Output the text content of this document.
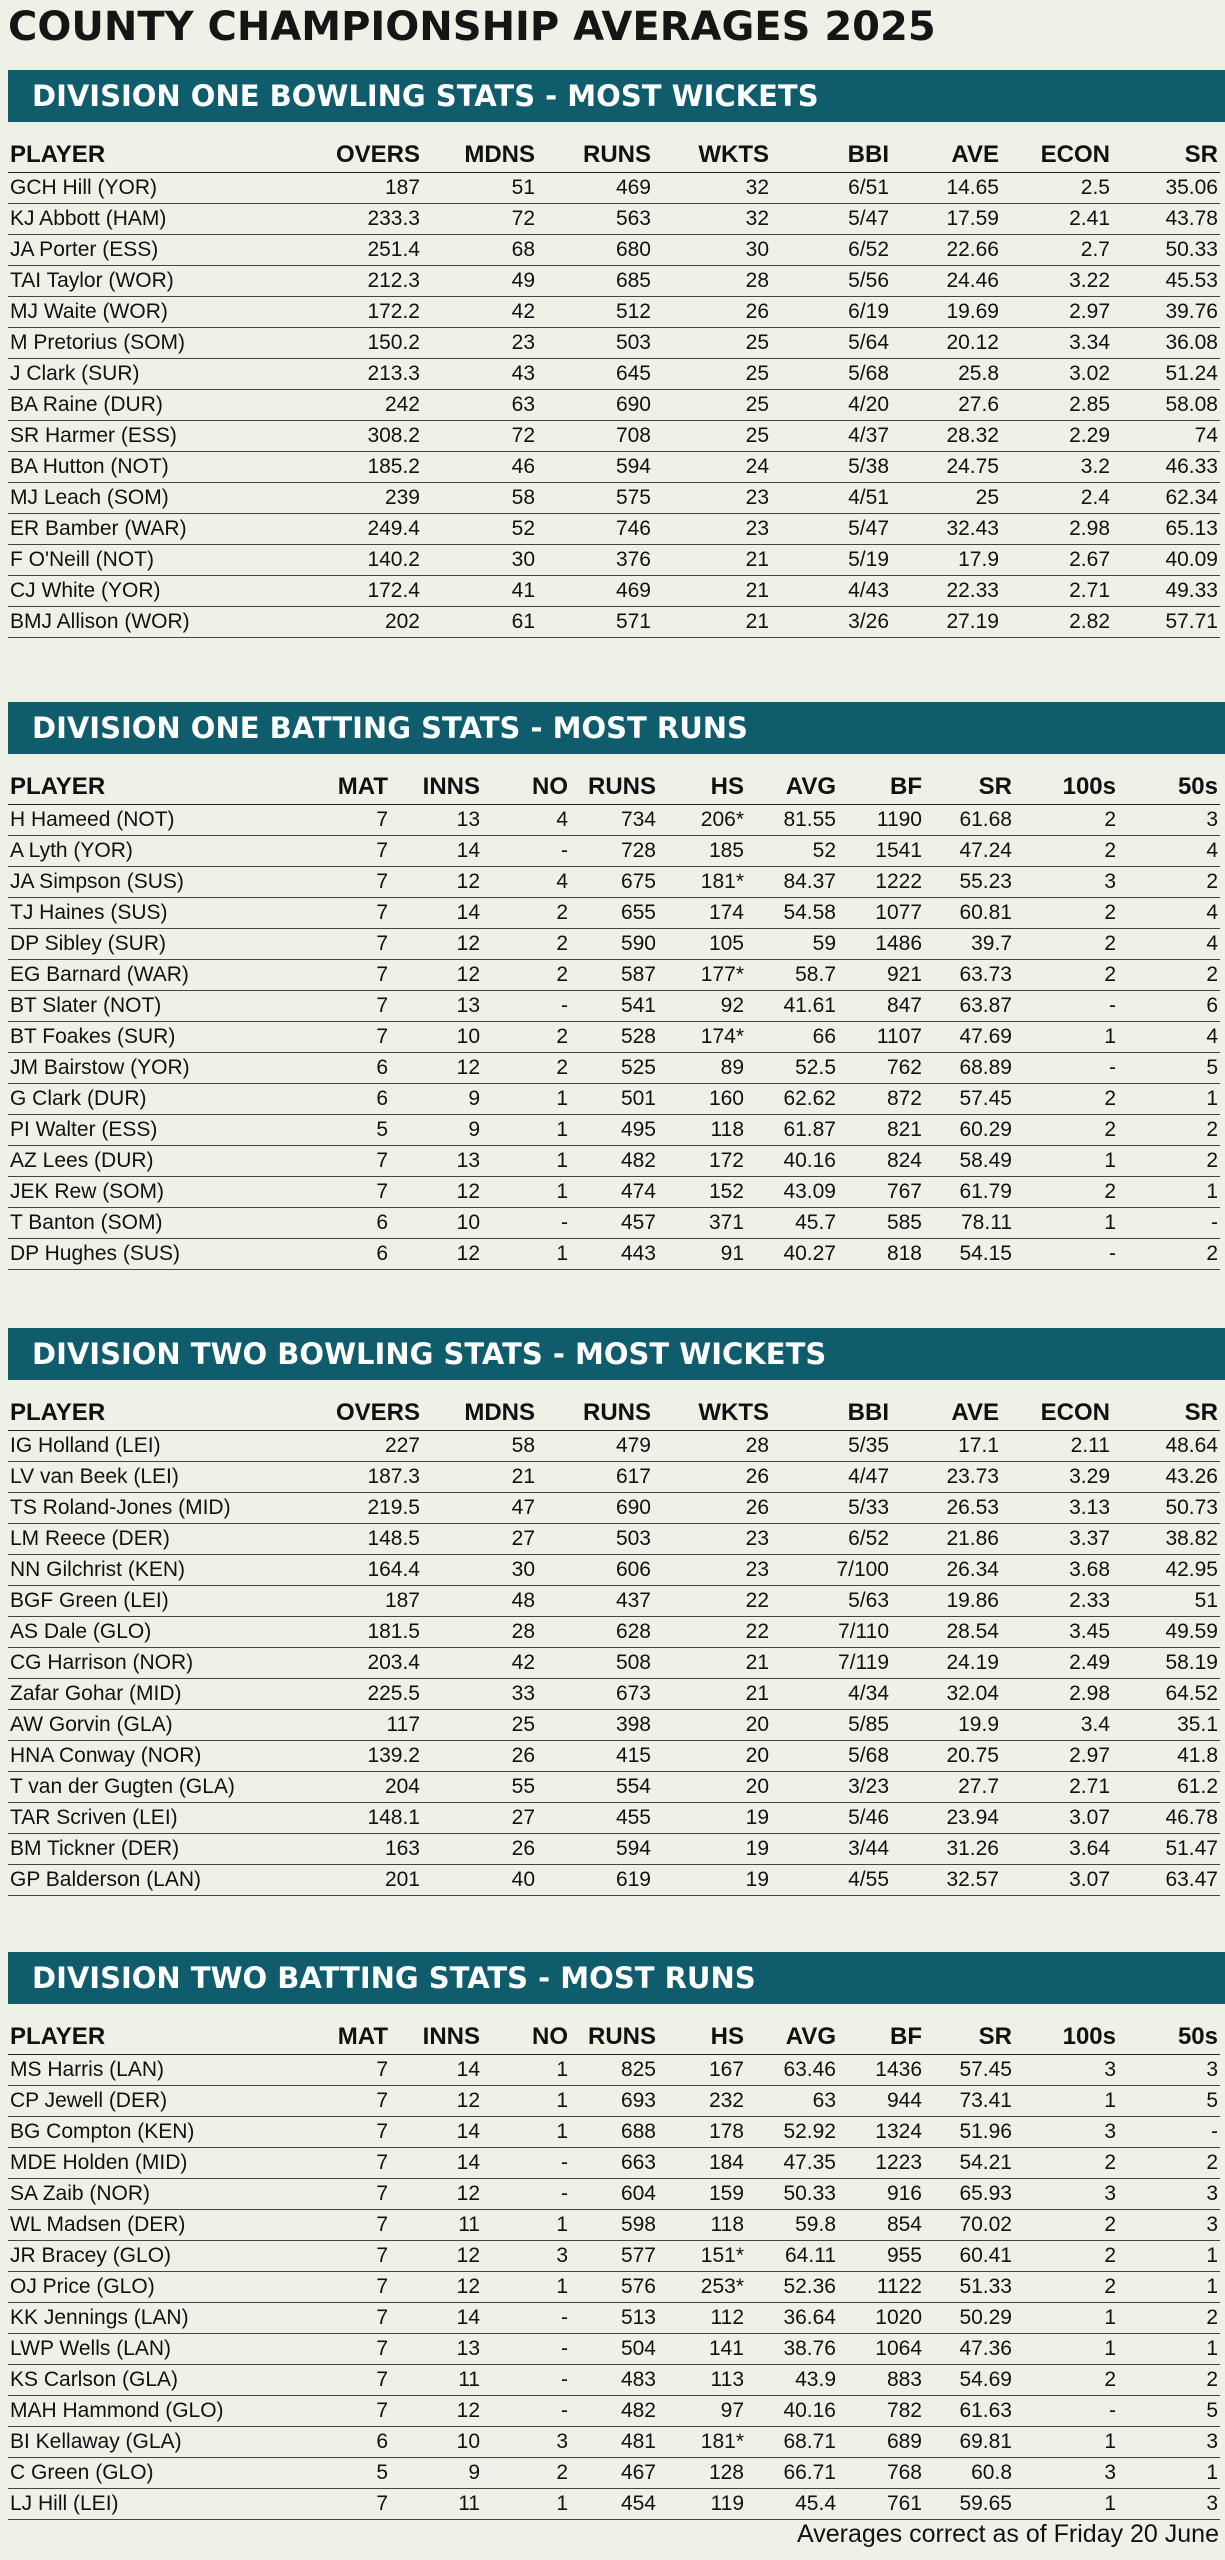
COUNTY CHAMPIONSHIP AVERAGES 2025
DIVISION ONE BOWLING STATS - MOST WICKETS
PLAYER	OVERS	MDNS	RUNS	WKTS	BBI	AVE	ECON	SR
GCH Hill (YOR)	187	51	469	32	6/51	14.65	2.5	35.06
KJ Abbott (HAM)	233.3	72	563	32	5/47	17.59	2.41	43.78
JA Porter (ESS)	251.4	68	680	30	6/52	22.66	2.7	50.33
TAI Taylor (WOR)	212.3	49	685	28	5/56	24.46	3.22	45.53
MJ Waite (WOR)	172.2	42	512	26	6/19	19.69	2.97	39.76
M Pretorius (SOM)	150.2	23	503	25	5/64	20.12	3.34	36.08
J Clark (SUR)	213.3	43	645	25	5/68	25.8	3.02	51.24
BA Raine (DUR)	242	63	690	25	4/20	27.6	2.85	58.08
SR Harmer (ESS)	308.2	72	708	25	4/37	28.32	2.29	74
BA Hutton (NOT)	185.2	46	594	24	5/38	24.75	3.2	46.33
MJ Leach (SOM)	239	58	575	23	4/51	25	2.4	62.34
ER Bamber (WAR)	249.4	52	746	23	5/47	32.43	2.98	65.13
F O'Neill (NOT)	140.2	30	376	21	5/19	17.9	2.67	40.09
CJ White (YOR)	172.4	41	469	21	4/43	22.33	2.71	49.33
BMJ Allison (WOR)	202	61	571	21	3/26	27.19	2.82	57.71
DIVISION ONE BATTING STATS - MOST RUNS
PLAYER	MAT	INNS	NO	RUNS	HS	AVG	BF	SR	100s	50s
H Hameed (NOT)	7	13	4	734	206*	81.55	1190	61.68	2	3
A Lyth (YOR)	7	14	-	728	185	52	1541	47.24	2	4
JA Simpson (SUS)	7	12	4	675	181*	84.37	1222	55.23	3	2
TJ Haines (SUS)	7	14	2	655	174	54.58	1077	60.81	2	4
DP Sibley (SUR)	7	12	2	590	105	59	1486	39.7	2	4
EG Barnard (WAR)	7	12	2	587	177*	58.7	921	63.73	2	2
BT Slater (NOT)	7	13	-	541	92	41.61	847	63.87	-	6
BT Foakes (SUR)	7	10	2	528	174*	66	1107	47.69	1	4
JM Bairstow (YOR)	6	12	2	525	89	52.5	762	68.89	-	5
G Clark (DUR)	6	9	1	501	160	62.62	872	57.45	2	1
PI Walter (ESS)	5	9	1	495	118	61.87	821	60.29	2	2
AZ Lees (DUR)	7	13	1	482	172	40.16	824	58.49	1	2
JEK Rew (SOM)	7	12	1	474	152	43.09	767	61.79	2	1
T Banton (SOM)	6	10	-	457	371	45.7	585	78.11	1	-
DP Hughes (SUS)	6	12	1	443	91	40.27	818	54.15	-	2
DIVISION TWO BOWLING STATS - MOST WICKETS
PLAYER	OVERS	MDNS	RUNS	WKTS	BBI	AVE	ECON	SR
IG Holland (LEI)	227	58	479	28	5/35	17.1	2.11	48.64
LV van Beek (LEI)	187.3	21	617	26	4/47	23.73	3.29	43.26
TS Roland-Jones (MID)	219.5	47	690	26	5/33	26.53	3.13	50.73
LM Reece (DER)	148.5	27	503	23	6/52	21.86	3.37	38.82
NN Gilchrist (KEN)	164.4	30	606	23	7/100	26.34	3.68	42.95
BGF Green (LEI)	187	48	437	22	5/63	19.86	2.33	51
AS Dale (GLO)	181.5	28	628	22	7/110	28.54	3.45	49.59
CG Harrison (NOR)	203.4	42	508	21	7/119	24.19	2.49	58.19
Zafar Gohar (MID)	225.5	33	673	21	4/34	32.04	2.98	64.52
AW Gorvin (GLA)	117	25	398	20	5/85	19.9	3.4	35.1
HNA Conway (NOR)	139.2	26	415	20	5/68	20.75	2.97	41.8
T van der Gugten (GLA)	204	55	554	20	3/23	27.7	2.71	61.2
TAR Scriven (LEI)	148.1	27	455	19	5/46	23.94	3.07	46.78
BM Tickner (DER)	163	26	594	19	3/44	31.26	3.64	51.47
GP Balderson (LAN)	201	40	619	19	4/55	32.57	3.07	63.47
DIVISION TWO BATTING STATS - MOST RUNS
PLAYER	MAT	INNS	NO	RUNS	HS	AVG	BF	SR	100s	50s
MS Harris (LAN)	7	14	1	825	167	63.46	1436	57.45	3	3
CP Jewell (DER)	7	12	1	693	232	63	944	73.41	1	5
BG Compton (KEN)	7	14	1	688	178	52.92	1324	51.96	3	-
MDE Holden (MID)	7	14	-	663	184	47.35	1223	54.21	2	2
SA Zaib (NOR)	7	12	-	604	159	50.33	916	65.93	3	3
WL Madsen (DER)	7	11	1	598	118	59.8	854	70.02	2	3
JR Bracey (GLO)	7	12	3	577	151*	64.11	955	60.41	2	1
OJ Price (GLO)	7	12	1	576	253*	52.36	1122	51.33	2	1
KK Jennings (LAN)	7	14	-	513	112	36.64	1020	50.29	1	2
LWP Wells (LAN)	7	13	-	504	141	38.76	1064	47.36	1	1
KS Carlson (GLA)	7	11	-	483	113	43.9	883	54.69	2	2
MAH Hammond (GLO)	7	12	-	482	97	40.16	782	61.63	-	5
BI Kellaway (GLA)	6	10	3	481	181*	68.71	689	69.81	1	3
C Green (GLO)	5	9	2	467	128	66.71	768	60.8	3	1
LJ Hill (LEI)	7	11	1	454	119	45.4	761	59.65	1	3
Averages correct as of Friday 20 June
